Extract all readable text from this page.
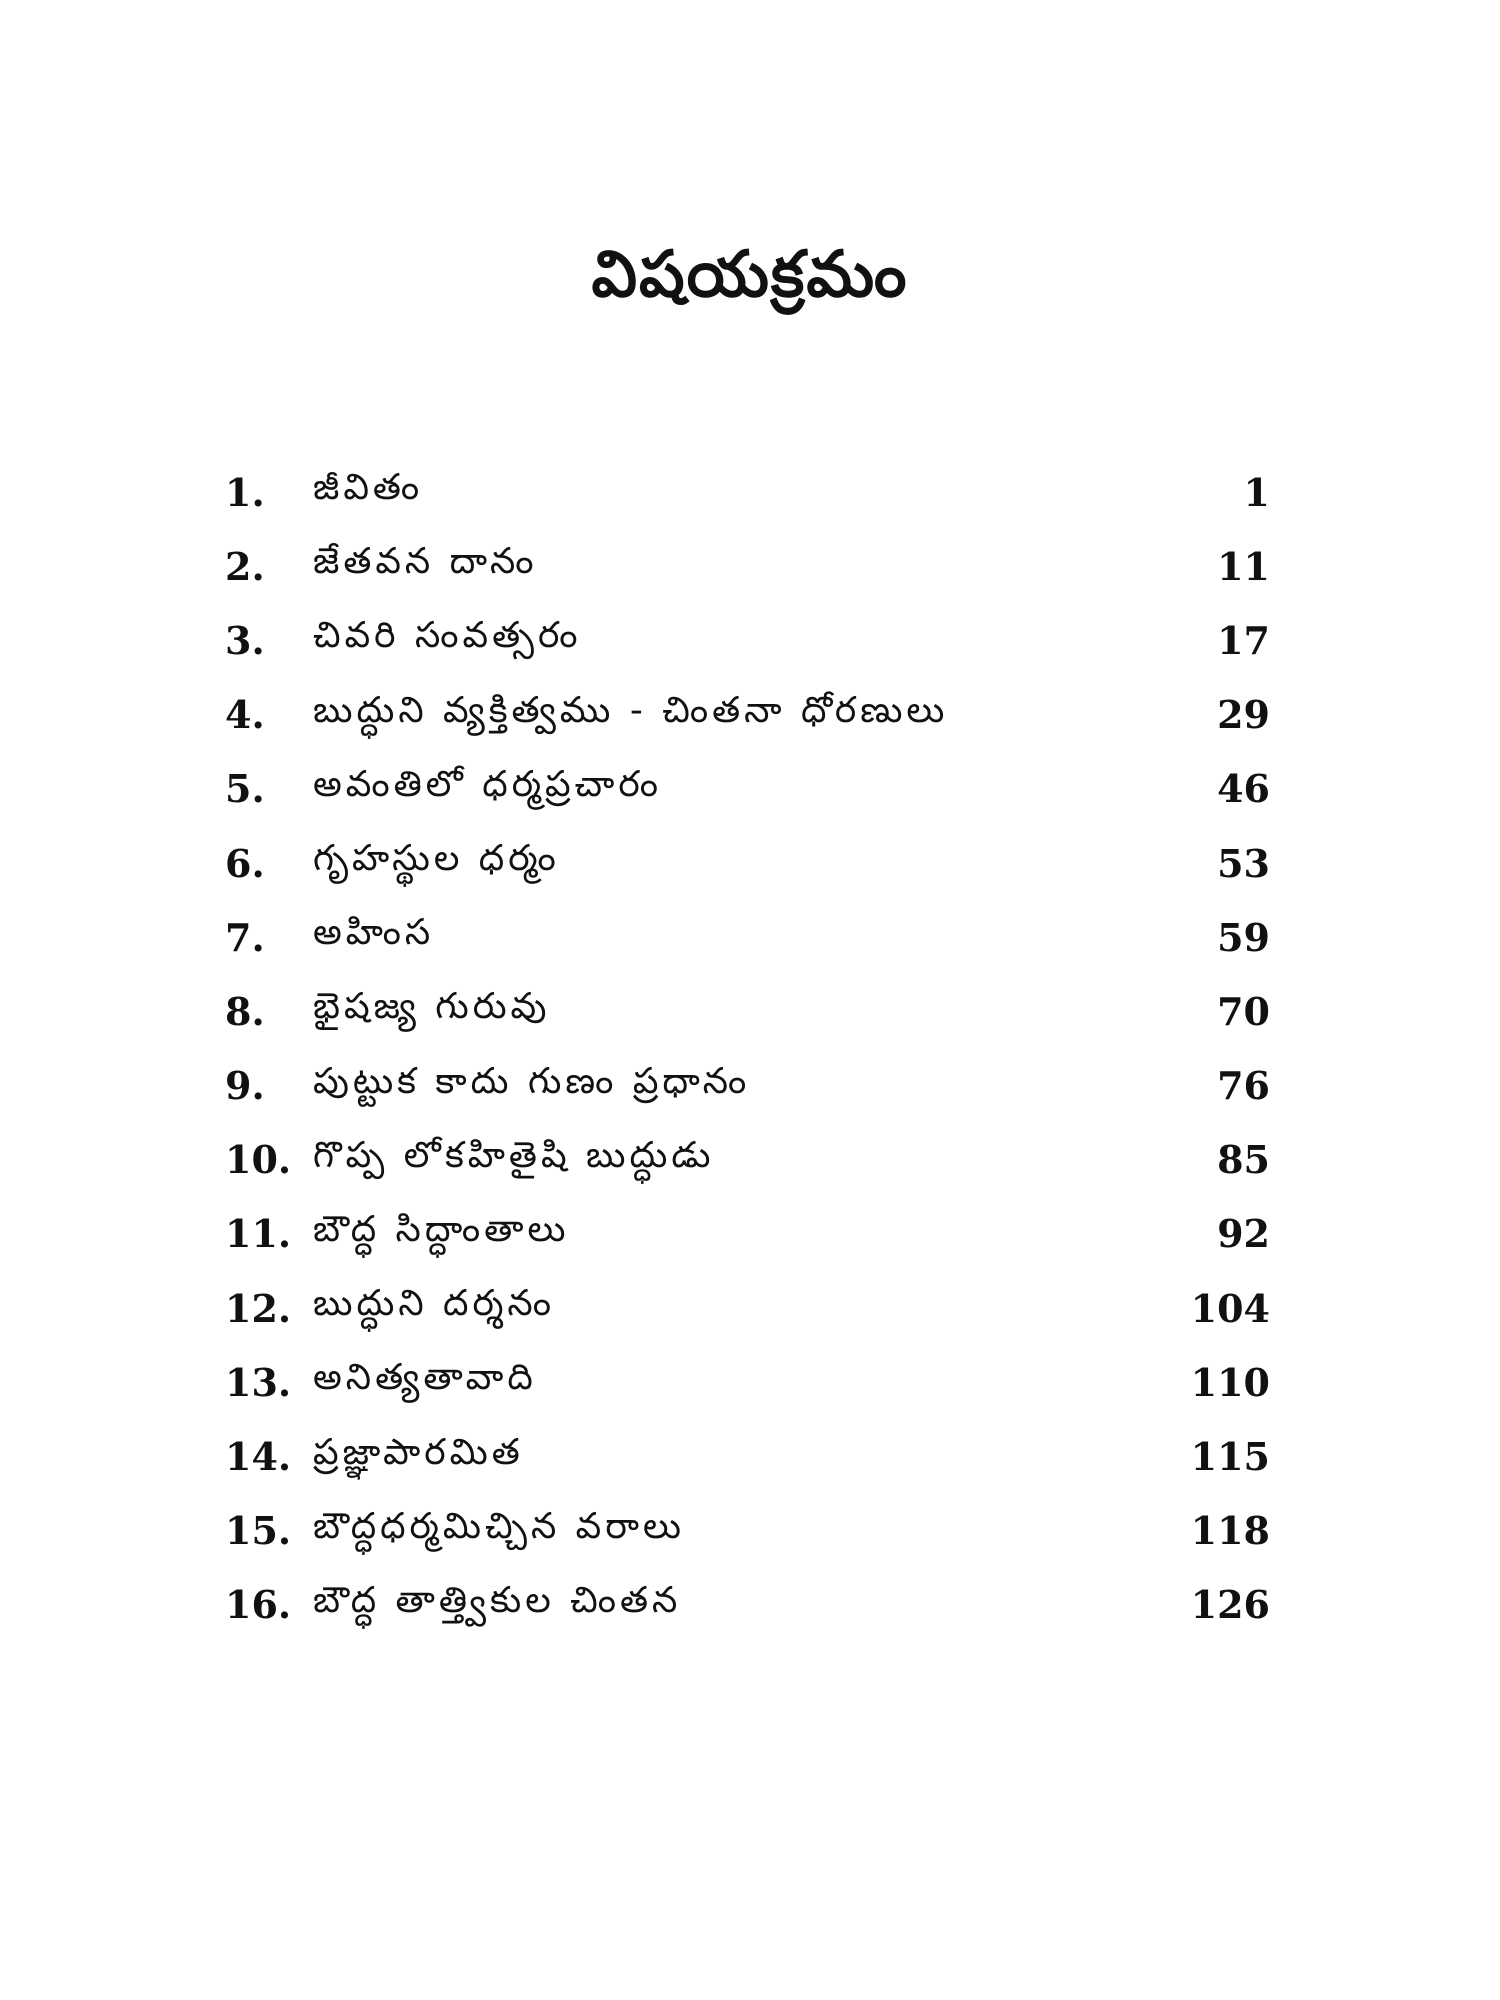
విషయక్రమం
1.	జీవితం	1
2.	జేతవన దానం	11
3.	చివరి సంవత్సరం	17
4.	బుద్ధుని వ్యక్తిత్వము - చింతనా ధోరణులు	29
5.	అవంతిలో ధర్మప్రచారం	46
6.	గృహస్థుల ధర్మం	53
7.	అహింస	59
8.	భైషజ్య గురువు	70
9.	పుట్టుక కాదు గుణం ప్రధానం	76
10. గొప్ప లోకహితైషి బుద్ధుడు	85
11. బౌద్ధ సిద్ధాంతాలు	92
12. బుద్ధుని దర్శనం	104
13. అనిత్యతావాది	110
14. ప్రజ్ఞాపారమిత	115
15. బౌద్ధధర్మమిచ్చిన వరాలు	118
16. బౌద్ధ తాత్త్వికుల చింతన	126
